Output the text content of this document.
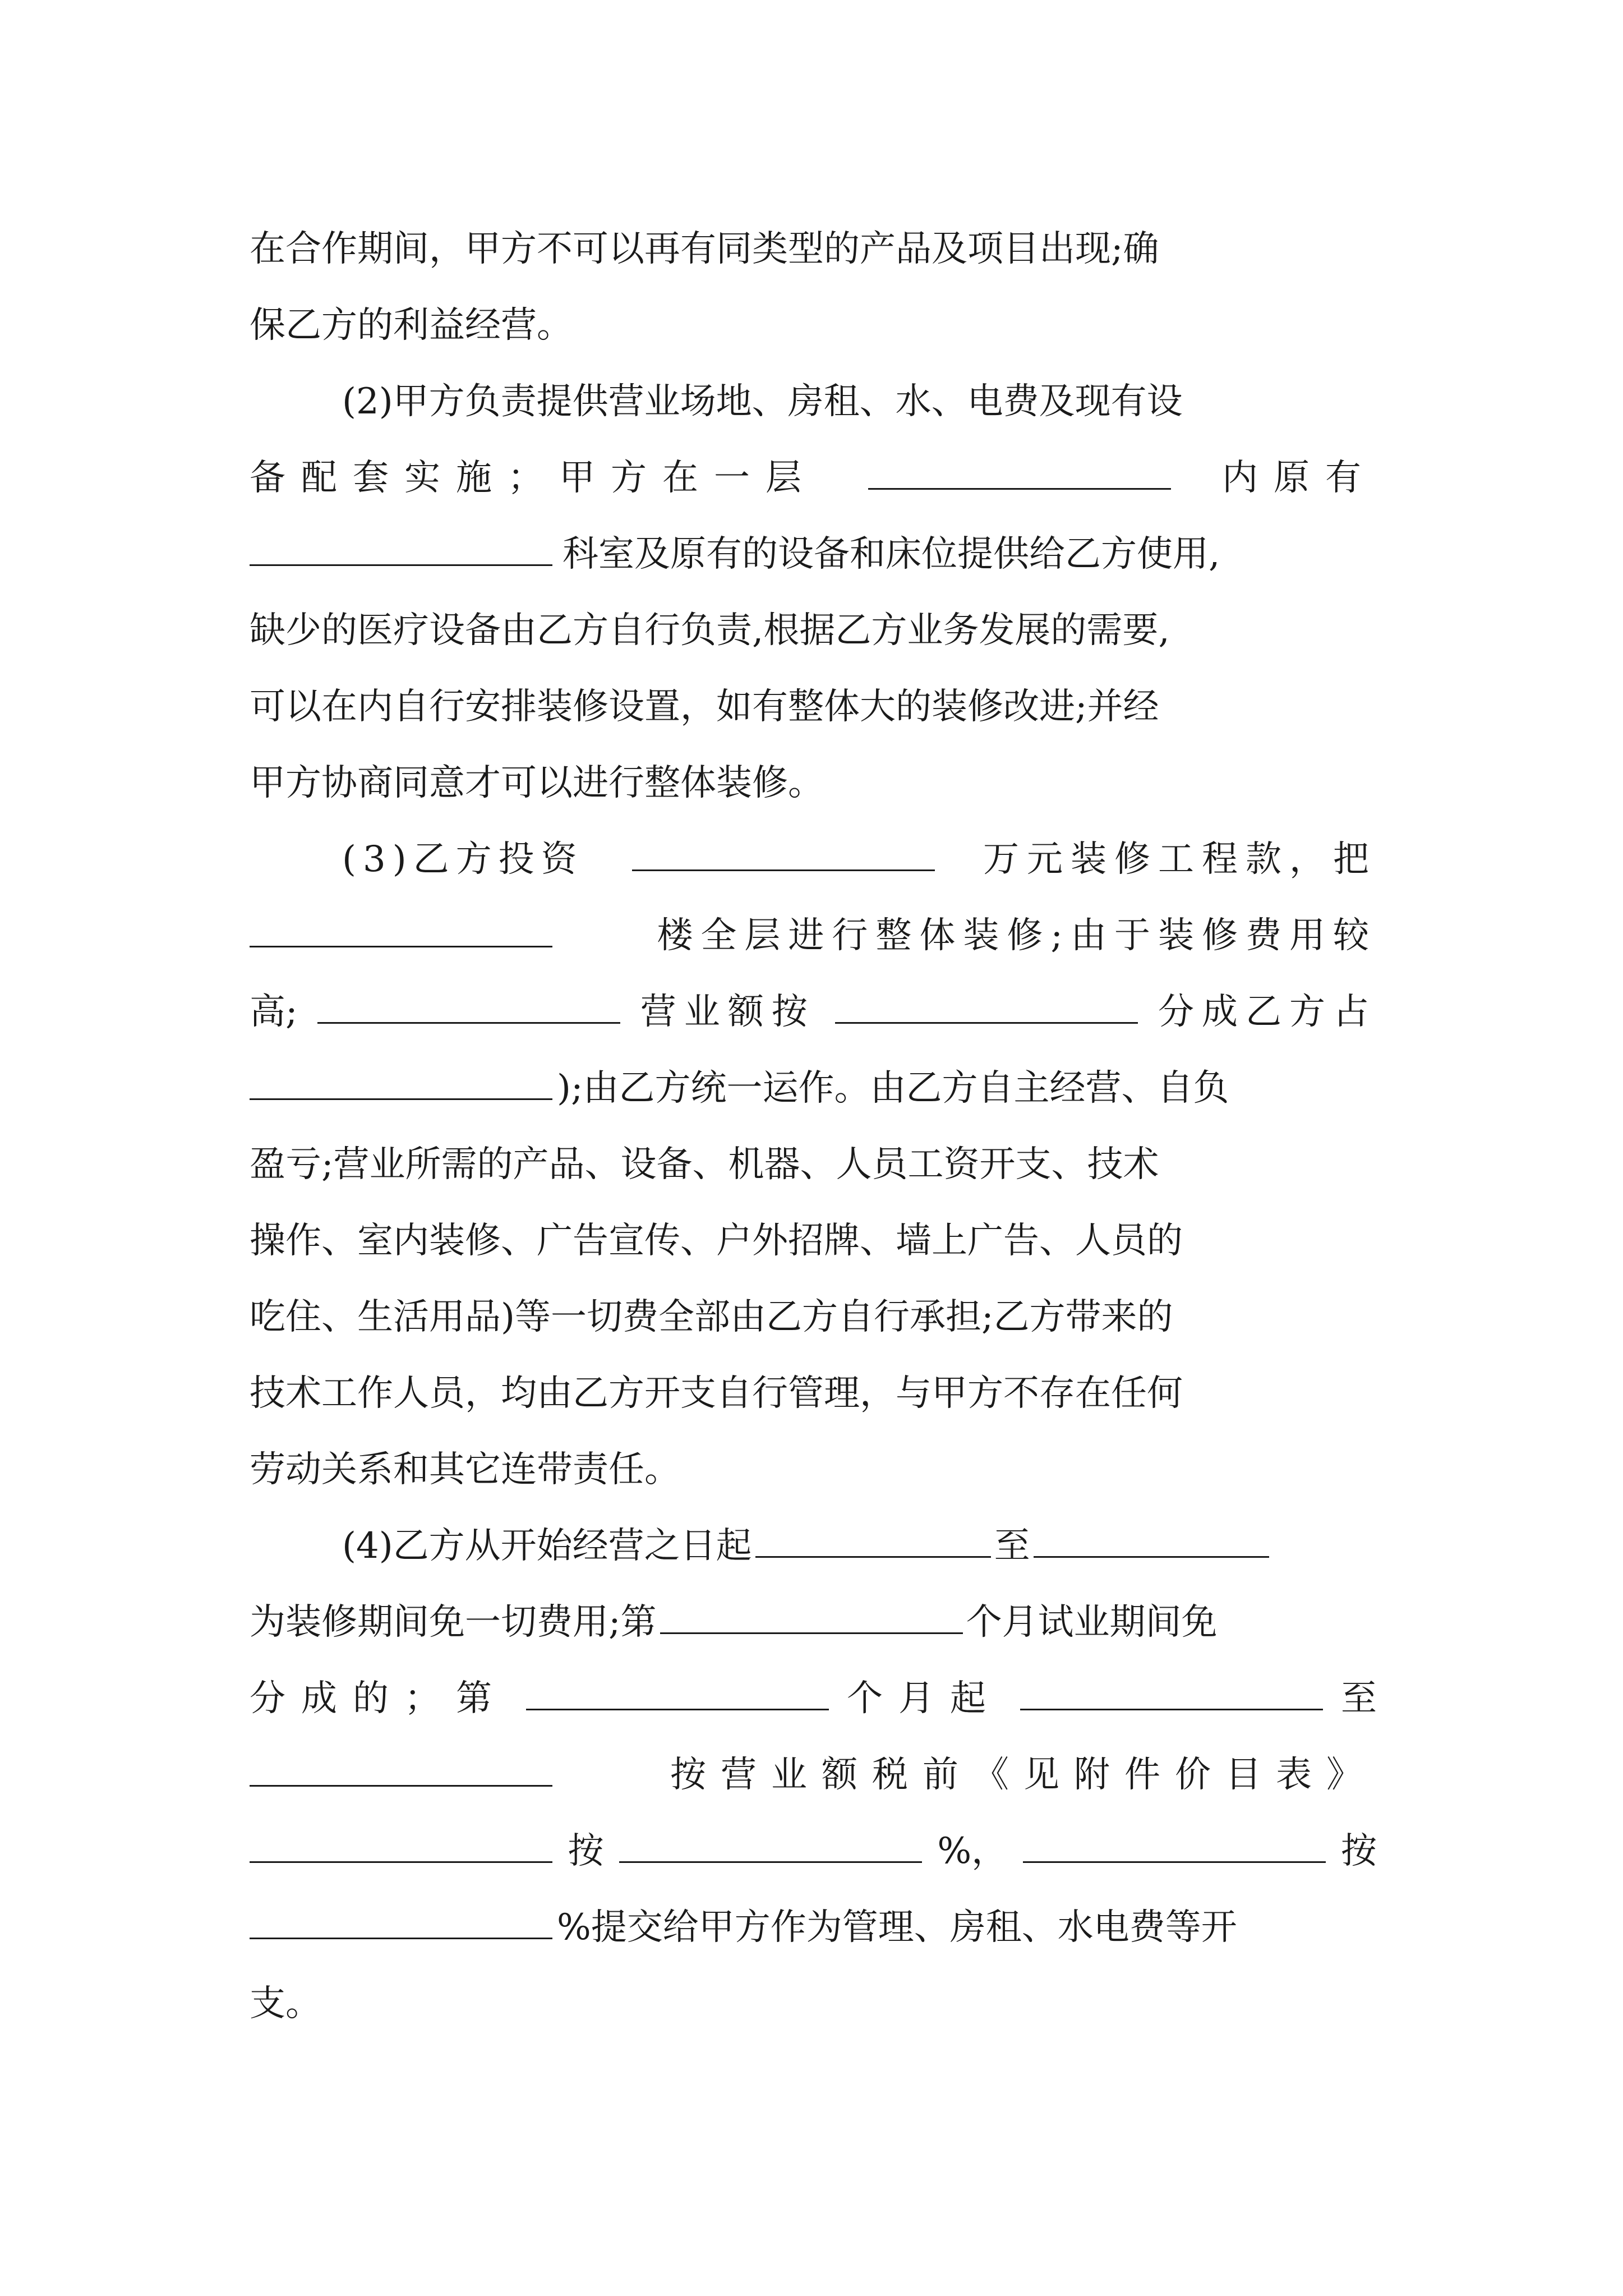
在合作期间，甲方不可以再有同类型的产品及项目出现;确
保乙方的利益经营。
(2)甲方负责提供营业场地、房租、水、电费及现有设
备配套实施；甲方在一层	内原有
科室及原有的设备和床位提供给乙方使用,
缺少的医疗设备由乙方自行负责,根据乙方业务发展的需要,
可以在内自行安排装修设置，如有整体大的装修改进;并经
甲方协商同意才可以进行整体装修。
(3)乙方投资	万元装修工程款，把
楼全层进行整体装修;由于装修费用较
高;	营业额按	分成乙方占
);由乙方统一运作。由乙方自主经营、自负
盈亏;营业所需的产品、设备、机器、人员工资开支、技术
操作、室内装修、广告宣传、户外招牌、墙上广告、人员的
吃住、生活用品)等一切费全部由乙方自行承担;乙方带来的
技术工作人员，均由乙方开支自行管理，与甲方不存在任何
劳动关系和其它连带责任。
(4)乙方从开始经营之日起	至
为装修期间免一切费用;第	个月试业期间免
分成的；第	个月起	至
按营业额税前《见附件价目表》
按	%，	按
%提交给甲方作为管理、房租、水电费等开
支。
